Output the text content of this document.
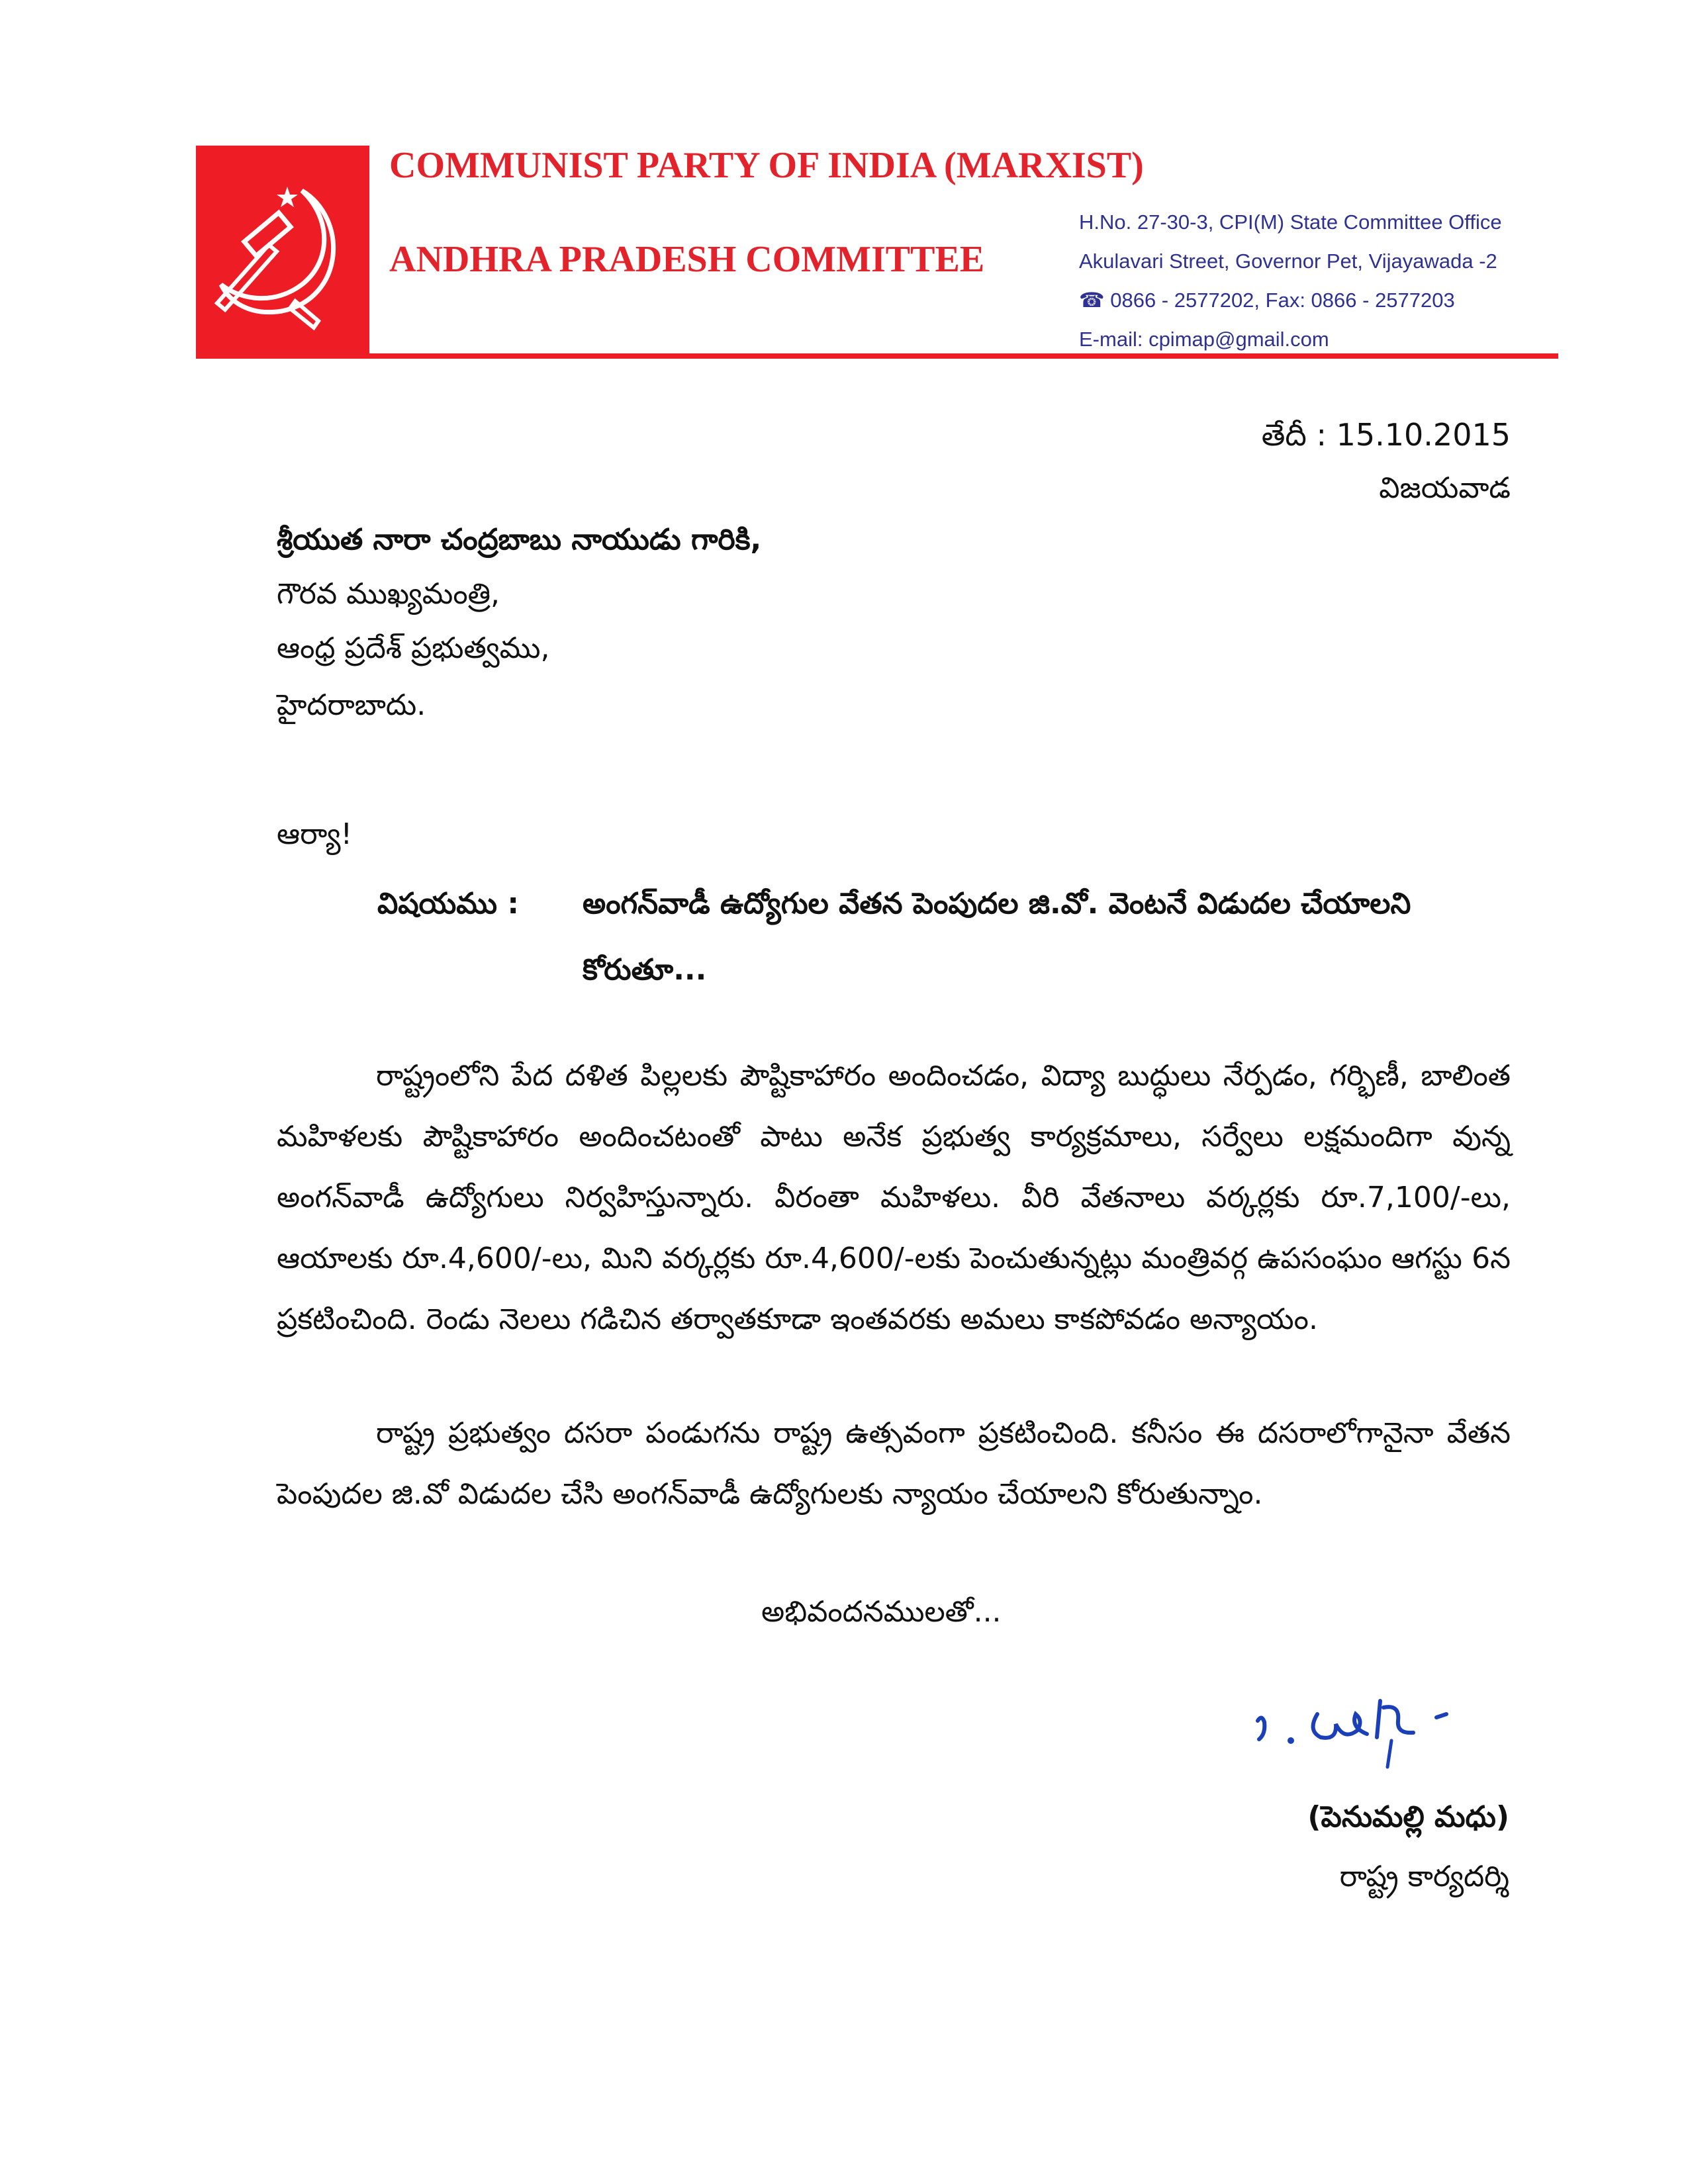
COMMUNIST PARTY OF INDIA (MARXIST)
ANDHRA PRADESH COMMITTEE
H.No. 27-30-3, CPI(M) State Committee Office
Akulavari Street, Governor Pet, Vijayawada -2
☎ 0866 - 2577202, Fax: 0866 - 2577203
E-mail: cpimap@gmail.com
తేదీ : 15.10.2015
విజయవాడ
శ్రీయుత నారా చంద్రబాబు నాయుడు గారికి,
గౌరవ ముఖ్యమంత్రి,
ఆంధ్ర ప్రదేశ్ ప్రభుత్వము,
హైదరాబాదు.
ఆర్యా!
విషయము : అంగన్‌వాడీ ఉద్యోగుల వేతన పెంపుదల జి.వో. వెంటనే విడుదల చేయాలని
కోరుతూ...
రాష్ట్రంలోని పేద దళిత పిల్లలకు పౌష్టికాహారం అందించడం, విద్యా బుద్ధులు నేర్పడం, గర్భిణీ, బాలింత మహిళలకు పౌష్టికాహారం అందించటంతో పాటు అనేక ప్రభుత్వ కార్యక్రమాలు, సర్వేలు లక్షమందిగా వున్న అంగన్‌వాడీ ఉద్యోగులు నిర్వహిస్తున్నారు. వీరంతా మహిళలు. వీరి వేతనాలు వర్కర్లకు రూ.7,100/-లు, ఆయాలకు రూ.4,600/-లు, మిని వర్కర్లకు రూ.4,600/-లకు పెంచుతున్నట్లు మంత్రివర్గ ఉపసంఘం ఆగస్టు 6న ప్రకటించింది. రెండు నెలలు గడిచిన తర్వాతకూడా ఇంతవరకు అమలు కాకపోవడం అన్యాయం.
రాష్ట్ర ప్రభుత్వం దసరా పండుగను రాష్ట్ర ఉత్సవంగా ప్రకటించింది. కనీసం ఈ దసరాలోగానైనా వేతన పెంపుదల జి.వో విడుదల చేసి అంగన్‌వాడీ ఉద్యోగులకు న్యాయం చేయాలని కోరుతున్నాం.
అభివందనములతో...
(పెనుమల్లి మధు)
రాష్ట్ర కార్యదర్శి
